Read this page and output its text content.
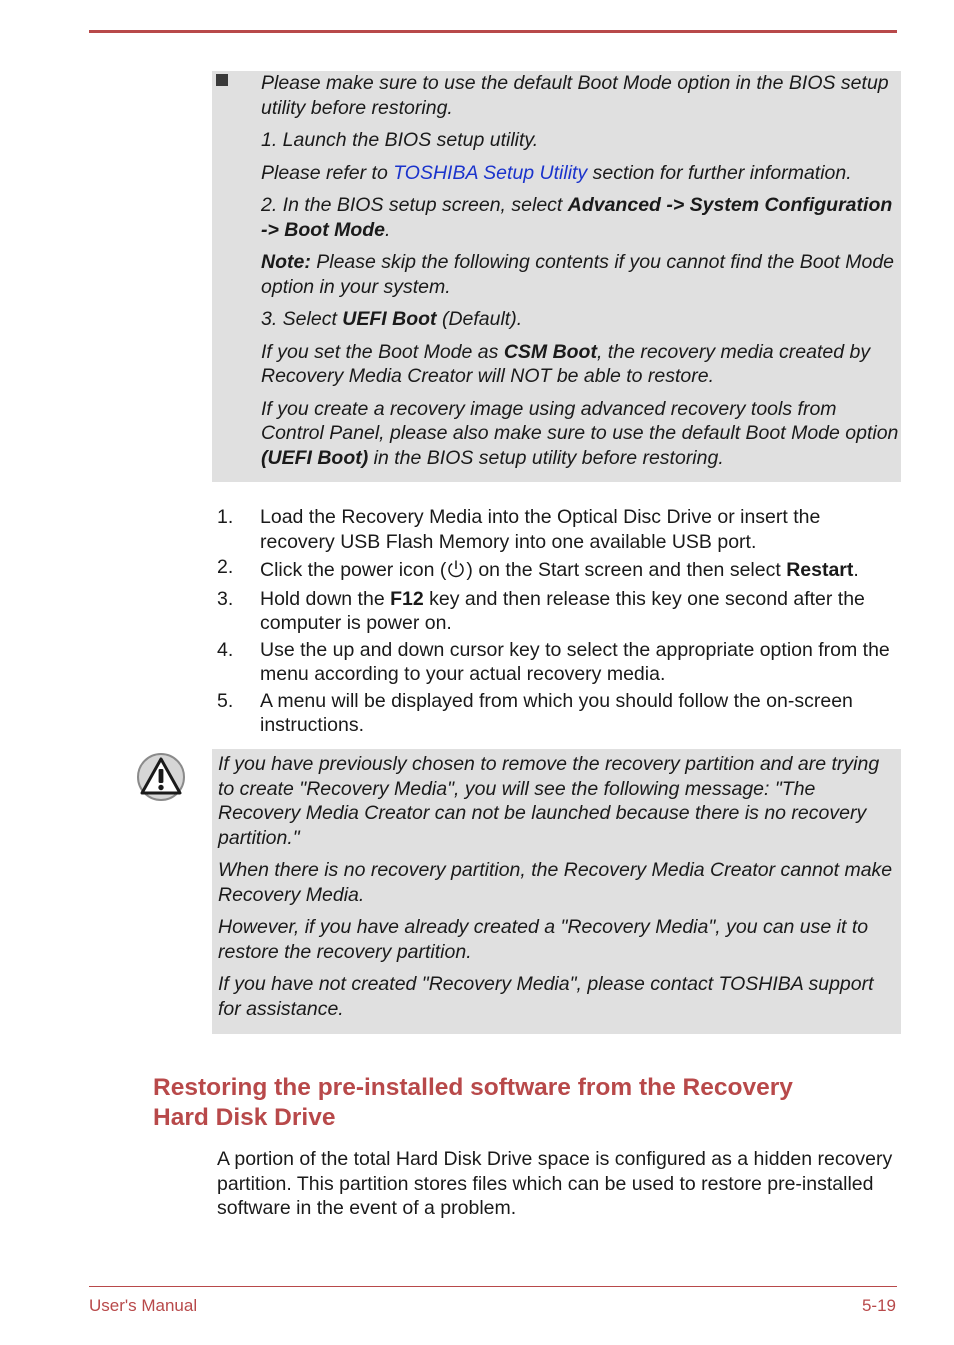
Please make sure to use the default Boot Mode option in the BIOS setup utility before restoring.

1. Launch the BIOS setup utility.

Please refer to TOSHIBA Setup Utility section for further information.

2. In the BIOS setup screen, select Advanced -> System Configuration -> Boot Mode.

Note: Please skip the following contents if you cannot find the Boot Mode option in your system.

3. Select UEFI Boot (Default).

If you set the Boot Mode as CSM Boot, the recovery media created by Recovery Media Creator will NOT be able to restore.

If you create a recovery image using advanced recovery tools from Control Panel, please also make sure to use the default Boot Mode option (UEFI Boot) in the BIOS setup utility before restoring.

1. Load the Recovery Media into the Optical Disc Drive or insert the recovery USB Flash Memory into one available USB port.
2. Click the power icon ( ) on the Start screen and then select Restart.
3. Hold down the F12 key and then release this key one second after the computer is power on.
4. Use the up and down cursor key to select the appropriate option from the menu according to your actual recovery media.
5. A menu will be displayed from which you should follow the on-screen instructions.

If you have previously chosen to remove the recovery partition and are trying to create "Recovery Media", you will see the following message: "The Recovery Media Creator can not be launched because there is no recovery partition."

When there is no recovery partition, the Recovery Media Creator cannot make Recovery Media.

However, if you have already created a "Recovery Media", you can use it to restore the recovery partition.

If you have not created "Recovery Media", please contact TOSHIBA support for assistance.

Restoring the pre-installed software from the Recovery Hard Disk Drive
A portion of the total Hard Disk Drive space is configured as a hidden recovery partition. This partition stores files which can be used to restore pre-installed software in the event of a problem.
User's Manual	5-19
